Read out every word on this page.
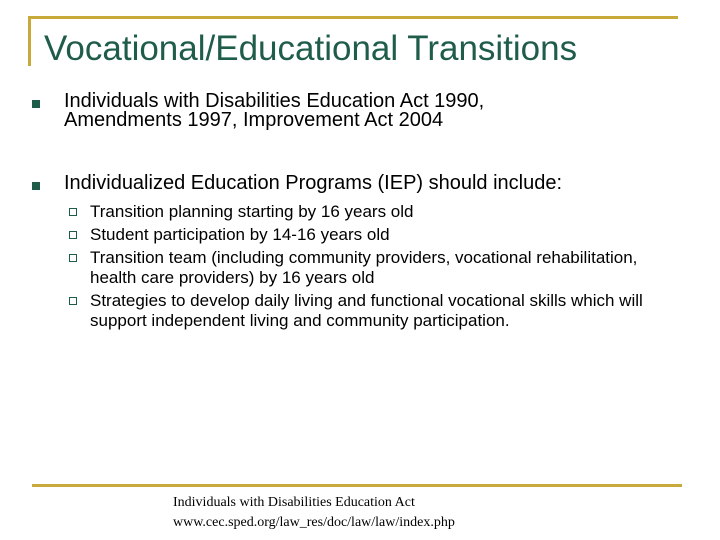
Vocational/Educational Transitions

Individuals with Disabilities Education Act 1990,
Amendments 1997, Improvement Act 2004

Individualized Education Programs (IEP) should include:

Transition planning starting by 16 years old
Student participation by 14-16 years old
Transition team (including community providers, vocational rehabilitation, health care providers) by 16 years old
Strategies to develop daily living and functional vocational skills which will support independent living and community participation.

Individuals with Disabilities Education Act
www.cec.sped.org/law_res/doc/law/law/index.php
